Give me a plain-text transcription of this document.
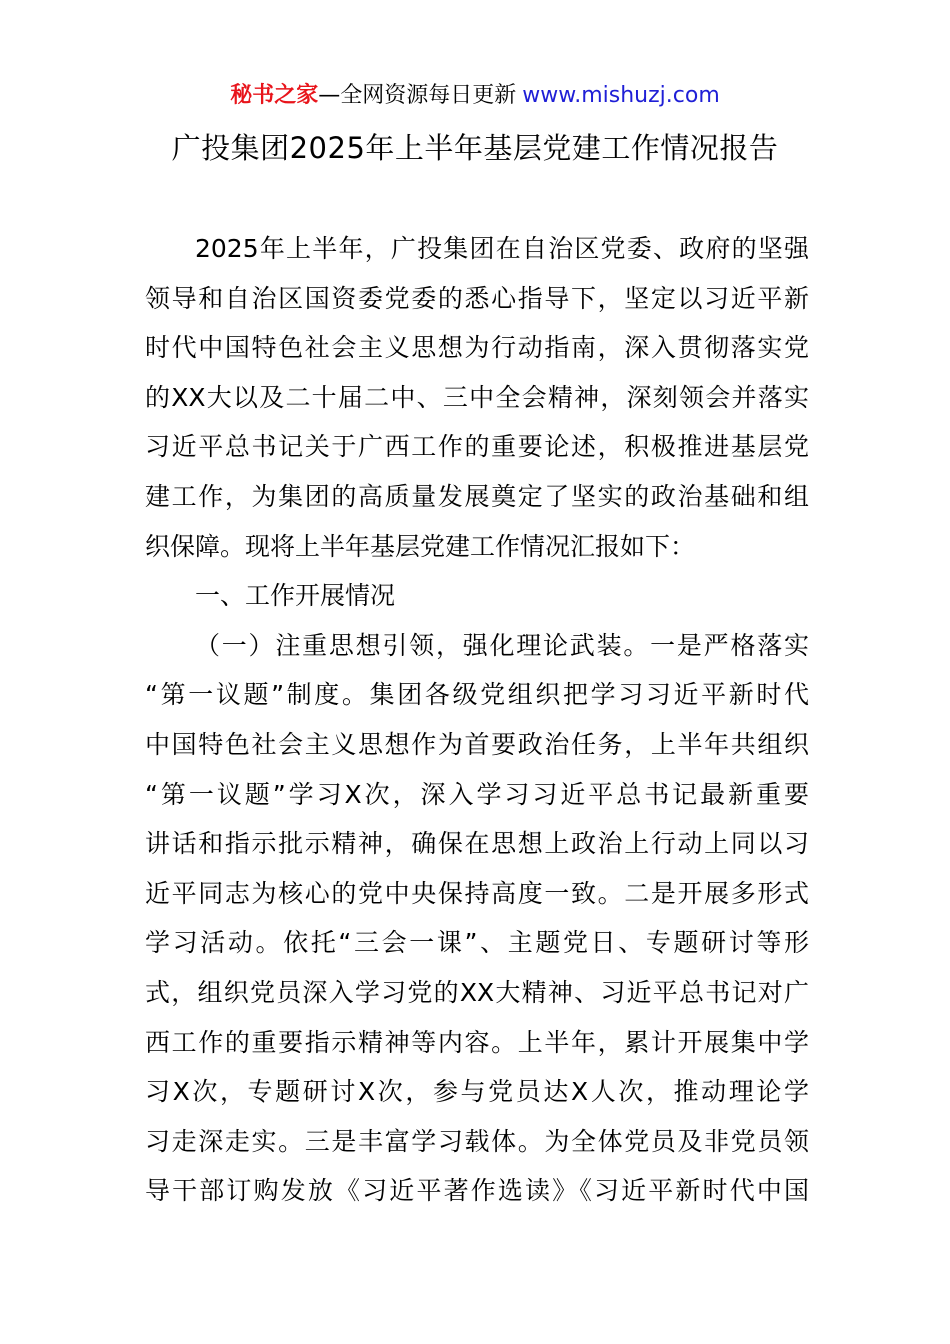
秘书之家—全网资源每日更新 www.mishuzj.com
广投集团2025年上半年基层党建工作情况报告
2025年上半年，广投集团在自治区党委、政府的坚强
领导和自治区国资委党委的悉心指导下，坚定以习近平新
时代中国特色社会主义思想为行动指南，深入贯彻落实党
的XX大以及二十届二中、三中全会精神，深刻领会并落实
习近平总书记关于广西工作的重要论述，积极推进基层党
建工作，为集团的高质量发展奠定了坚实的政治基础和组
织保障。现将上半年基层党建工作情况汇报如下：
一、工作开展情况
（一）注重思想引领，强化理论武装。一是严格落实
“第一议题”制度。集团各级党组织把学习习近平新时代
中国特色社会主义思想作为首要政治任务，上半年共组织
“第一议题”学习X次，深入学习习近平总书记最新重要
讲话和指示批示精神，确保在思想上政治上行动上同以习
近平同志为核心的党中央保持高度一致。二是开展多形式
学习活动。依托“三会一课”、主题党日、专题研讨等形
式，组织党员深入学习党的XX大精神、习近平总书记对广
西工作的重要指示精神等内容。上半年，累计开展集中学
习X次，专题研讨X次，参与党员达X人次，推动理论学
习走深走实。三是丰富学习载体。为全体党员及非党员领
导干部订购发放《习近平著作选读》《习近平新时代中国
